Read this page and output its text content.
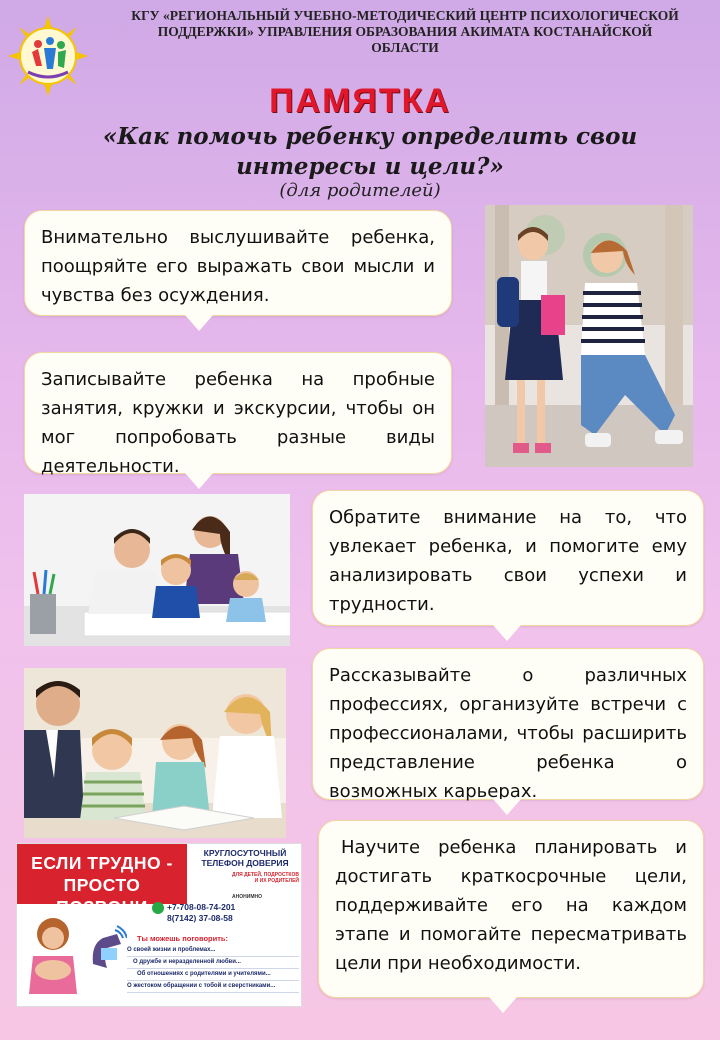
КГУ «РЕГИОНАЛЬНЫЙ УЧЕБНО-МЕТОДИЧЕСКИЙ ЦЕНТР ПСИХОЛОГИЧЕСКОЙ
ПОДДЕРЖКИ» УПРАВЛЕНИЯ ОБРАЗОВАНИЯ АКИМАТА КОСТАНАЙСКОЙ
ОБЛАСТИ
ПАМЯТКА
«Как помочь ребенку определить свои интересы и цели?»
(для родителей)
Внимательно выслушивайте ребенка, поощряйте его выражать свои мысли и чувства без осуждения.
Записывайте ребенка на пробные занятия, кружки и экскурсии, чтобы он мог попробовать разные виды деятельности.
Обратите внимание на то, что увлекает ребенка, и помогите ему анализировать свои успехи и трудности.
Рассказывайте о различных профессиях, организуйте встречи с профессионалами, чтобы расширить представление ребенка о возможных карьерах.
Научите ребенка планировать и достигать краткосрочные цели, поддерживайте его на каждом этапе и помогайте пересматривать цели при необходимости.
ЕСЛИ ТРУДНО -
ПРОСТО ПОЗВОНИ
КРУГЛОСУТОЧНЫЙ
ТЕЛЕФОН ДОВЕРИЯ
ДЛЯ ДЕТЕЙ, ПОДРОСТКОВ
И ИХ РОДИТЕЛЕЙ
АНОНИМНО
+7-708-08-74-201
8(7142) 37-08-58
Ты можешь поговорить:
О своей жизни и проблемах...
О дружбе и неразделенной любви...
Об отношениях с родителями и учителями...
О жестоком обращении с тобой и сверстниками...
